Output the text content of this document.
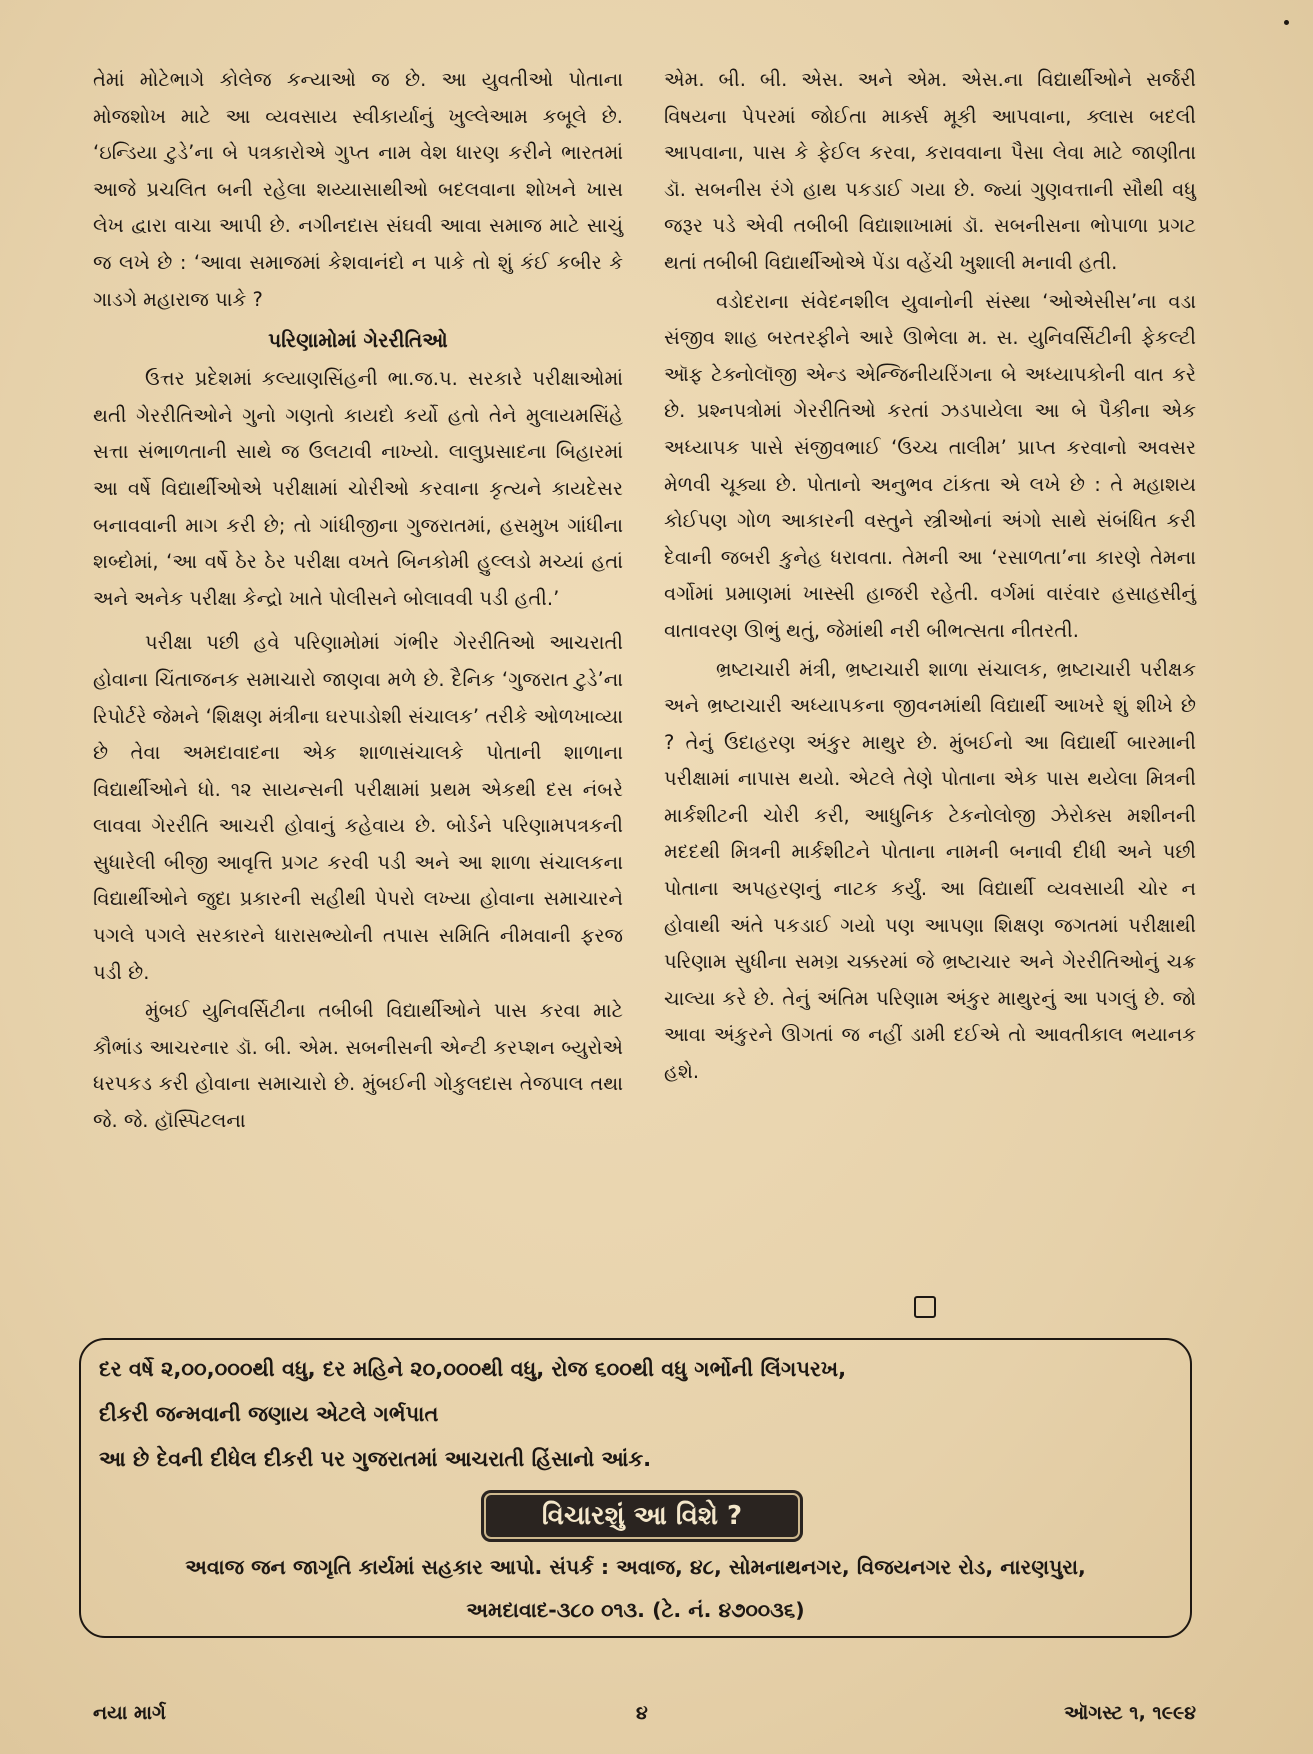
તેમાં મોટેભાગે કોલેજ કન્યાઓ જ છે. આ યુવતીઓ પોતાના મોજશોખ માટે આ વ્યવસાય સ્વીકાર્યાનું ખુલ્લેઆમ કબૂલે છે. ‘ઇન્ડિયા ટુડે’ના બે પત્રકારોએ ગુપ્ત નામ વેશ ધારણ કરીને ભારતમાં આજે પ્રચલિત બની રહેલા શય્યાસાથીઓ બદલવાના શોખને ખાસ લેખ દ્વારા વાચા આપી છે. નગીનદાસ સંઘવી આવા સમાજ માટે સાચું જ લખે છે : ‘આવા સમાજમાં કેશવાનંદો ન પાકે તો શું કંઈ કબીર કે ગાડગે મહારાજ પાકે ?

પરિણામોમાં ગેરરીતિઓ

ઉત્તર પ્રદેશમાં કલ્યાણસિંહની ભા.જ.પ. સરકારે પરીક્ષાઓમાં થતી ગેરરીતિઓને ગુનો ગણતો કાયદો કર્યો હતો તેને મુલાયમસિંહે સત્તા સંભાળતાની સાથે જ ઉલટાવી નાખ્યો. લાલુપ્રસાદના બિહારમાં આ વર્ષે વિદ્યાર્થીઓએ પરીક્ષામાં ચોરીઓ કરવાના કૃત્યને કાયદેસર બનાવવાની માગ કરી છે; તો ગાંધીજીના ગુજરાતમાં, હસમુખ ગાંધીના શબ્દોમાં, ‘આ વર્ષે ઠેર ઠેર પરીક્ષા વખતે બિનકોમી હુલ્લડો મચ્યાં હતાં અને અનેક પરીક્ષા કેન્દ્રો ખાતે પોલીસને બોલાવવી પડી હતી.’

પરીક્ષા પછી હવે પરિણામોમાં ગંભીર ગેરરીતિઓ આચરાતી હોવાના ચિંતાજનક સમાચારો જાણવા મળે છે. દૈનિક ‘ગુજરાત ટુડે’ના રિપોર્ટરે જેમને ‘શિક્ષણ મંત્રીના ઘરપાડોશી સંચાલક’ તરીકે ઓળખાવ્યા છે તેવા અમદાવાદના એક શાળાસંચાલકે પોતાની શાળાના વિદ્યાર્થીઓને ધો. ૧૨ સાયન્સની પરીક્ષામાં પ્રથમ એકથી દસ નંબરે લાવવા ગેરરીતિ આચરી હોવાનું કહેવાય છે. બોર્ડને પરિણામપત્રકની સુધારેલી બીજી આવૃત્તિ પ્રગટ કરવી પડી અને આ શાળા સંચાલકના વિદ્યાર્થીઓને જુદા પ્રકારની સહીથી પેપરો લખ્યા હોવાના સમાચારને પગલે પગલે સરકારને ધારાસભ્યોની તપાસ સમિતિ નીમવાની ફરજ પડી છે.

મુંબઈ યુનિવર્સિટીના તબીબી વિદ્યાર્થીઓને પાસ કરવા માટે કૌભાંડ આચરનાર ડૉ. બી. એમ. સબનીસની એન્ટી કરપ્શન બ્યુરોએ ધરપકડ કરી હોવાના સમાચારો છે. મુંબઈની ગોકુલદાસ તેજપાલ તથા જે. જે. હૉસ્પિટલના

એમ. બી. બી. એસ. અને એમ. એસ.ના વિદ્યાર્થીઓને સર્જરી વિષયના પેપરમાં જોઈતા માર્ક્સ મૂકી આપવાના, ક્લાસ બદલી આપવાના, પાસ કે ફેઈલ કરવા, કરાવવાના પૈસા લેવા માટે જાણીતા ડૉ. સબનીસ રંગે હાથ પકડાઈ ગયા છે. જ્યાં ગુણવત્તાની સૌથી વધુ જરૂર પડે એવી તબીબી વિદ્યાશાખામાં ડૉ. સબનીસના ભોપાળા પ્રગટ થતાં તબીબી વિદ્યાર્થીઓએ પેંડા વહેંચી ખુશાલી મનાવી હતી.

વડોદરાના સંવેદનશીલ યુવાનોની સંસ્થા ‘ઓએસીસ’ના વડા સંજીવ શાહ બરતરફીને આરે ઊભેલા મ. સ. યુનિવર્સિટીની ફેકલ્ટી ઑફ ટેક્નોલૉજી એન્ડ એન્જિનીયરિંગના બે અધ્યાપકોની વાત કરે છે. પ્રશ્નપત્રોમાં ગેરરીતિઓ કરતાં ઝડપાયેલા આ બે પૈકીના એક અધ્યાપક પાસે સંજીવભાઈ ‘ઉચ્ચ તાલીમ’ પ્રાપ્ત કરવાનો અવસર મેળવી ચૂક્યા છે. પોતાનો અનુભવ ટાંકતા એ લખે છે : તે મહાશય કોઈપણ ગોળ આકારની વસ્તુને સ્ત્રીઓનાં અંગો સાથે સંબંધિત કરી દેવાની જબરી કુનેહ ધરાવતા. તેમની આ ‘રસાળતા’ના કારણે તેમના વર્ગોમાં પ્રમાણમાં ખાસ્સી હાજરી રહેતી. વર્ગમાં વારંવાર હસાહસીનું વાતાવરણ ઊભું થતું, જેમાંથી નરી બીભત્સતા નીતરતી.

ભ્રષ્ટાચારી મંત્રી, ભ્રષ્ટાચારી શાળા સંચાલક, ભ્રષ્ટાચારી પરીક્ષક અને ભ્રષ્ટાચારી અધ્યાપકના જીવનમાંથી વિદ્યાર્થી આખરે શું શીખે છે ? તેનું ઉદાહરણ અંકુર માથુર છે. મુંબઈનો આ વિદ્યાર્થી બારમાની પરીક્ષામાં નાપાસ થયો. એટલે તેણે પોતાના એક પાસ થયેલા મિત્રની માર્કશીટની ચોરી કરી, આધુનિક ટેકનોલોજી ઝેરોક્સ મશીનની મદદથી મિત્રની માર્કશીટને પોતાના નામની બનાવી દીધી અને પછી પોતાના અપહરણનું નાટક કર્યું. આ વિદ્યાર્થી વ્યવસાયી ચોર ન હોવાથી અંતે પકડાઈ ગયો પણ આપણા શિક્ષણ જગતમાં પરીક્ષાથી પરિણામ સુધીના સમગ્ર ચક્કરમાં જે ભ્રષ્ટાચાર અને ગેરરીતિઓનું ચક્ર ચાલ્યા કરે છે. તેનું અંતિમ પરિણામ અંકુર માથુરનું આ પગલું છે. જો આવા અંકુરને ઊગતાં જ નહીં ડામી દઈએ તો આવતીકાલ ભયાનક હશે.

દર વર્ષે ૨,૦૦,૦૦૦થી વધુ, દર મહિને ૨૦,૦૦૦થી વધુ, રોજ ૬૦૦થી વધુ ગર્ભોની લિંગપરખ,
દીકરી જન્મવાની જણાય એટલે ગર્ભપાત
આ છે દેવની દીધેલ દીકરી પર ગુજરાતમાં આચરાતી હિંસાનો આંક.
વિચારશું આ વિશે ?
અવાજ જન જાગૃતિ કાર્યમાં સહકાર આપો. સંપર્ક : અવાજ, ૪૮, સોમનાથનગર, વિજયનગર રોડ, નારણપુરા,
અમદાવાદ-૩૮૦ ૦૧૩. (ટે. નં. ૪૭૦૦૩૬)
નયા માર્ગ	૪	ઑગસ્ટ ૧, ૧૯૯૪
